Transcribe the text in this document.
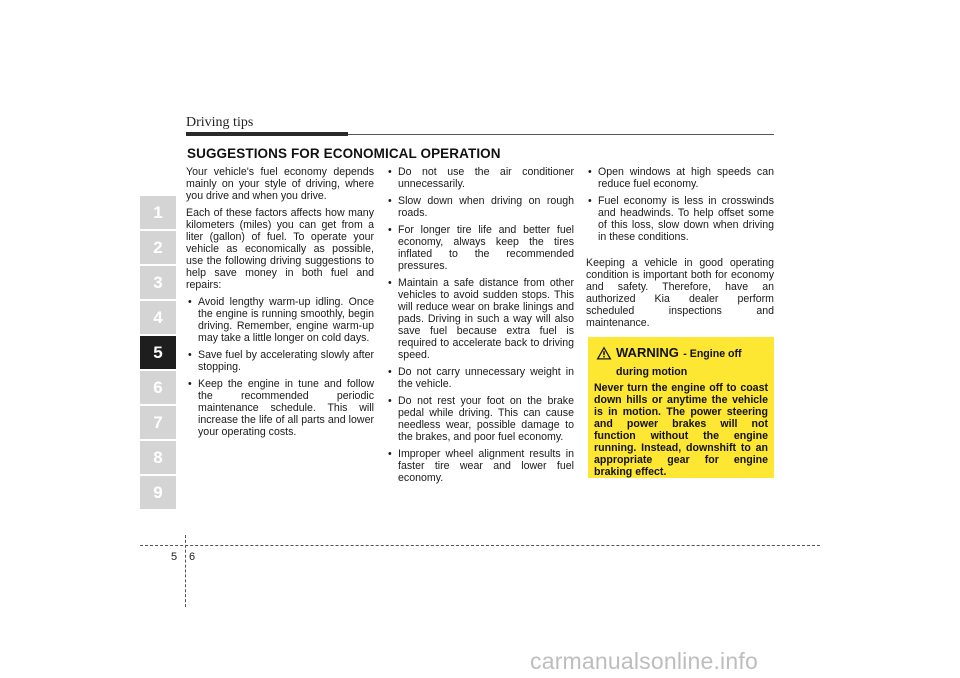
Driving tips
SUGGESTIONS FOR ECONOMICAL OPERATION
1
2
3
4
5
6
7
8
9

Your vehicle's fuel economy depends mainly on your style of driving, where you drive and when you drive.

Each of these factors affects how many kilometers (miles) you can get from a liter (gallon) of fuel. To operate your vehicle as economically as possible, use the following driving suggestions to help save money in both fuel and repairs:

• Avoid lengthy warm-up idling. Once the engine is running smoothly, begin driving. Remember, engine warm-up may take a little longer on cold days.
• Save fuel by accelerating slowly after stopping.
• Keep the engine in tune and follow the recommended periodic maintenance schedule. This will increase the life of all parts and lower your operating costs.
• Do not use the air conditioner unnecessarily.
• Slow down when driving on rough roads.
• For longer tire life and better fuel economy, always keep the tires inflated to the recommended pressures.
• Maintain a safe distance from other vehicles to avoid sudden stops. This will reduce wear on brake linings and pads. Driving in such a way will also save fuel because extra fuel is required to accelerate back to driving speed.
• Do not carry unnecessary weight in the vehicle.
• Do not rest your foot on the brake pedal while driving. This can cause needless wear, possible damage to the brakes, and poor fuel economy.
• Improper wheel alignment results in faster tire wear and lower fuel economy.
• Open windows at high speeds can reduce fuel economy.
• Fuel economy is less in crosswinds and headwinds. To help offset some of this loss, slow down when driving in these conditions.

Keeping a vehicle in good operating condition is important both for economy and safety. Therefore, have an authorized Kia dealer perform scheduled inspections and maintenance.

WARNING - Engine off
during motion
Never turn the engine off to coast down hills or anytime the vehicle is in motion. The power steering and power brakes will not function without the engine running. Instead, downshift to an appropriate gear for engine braking effect.
5 6
carmanualsonline.info
